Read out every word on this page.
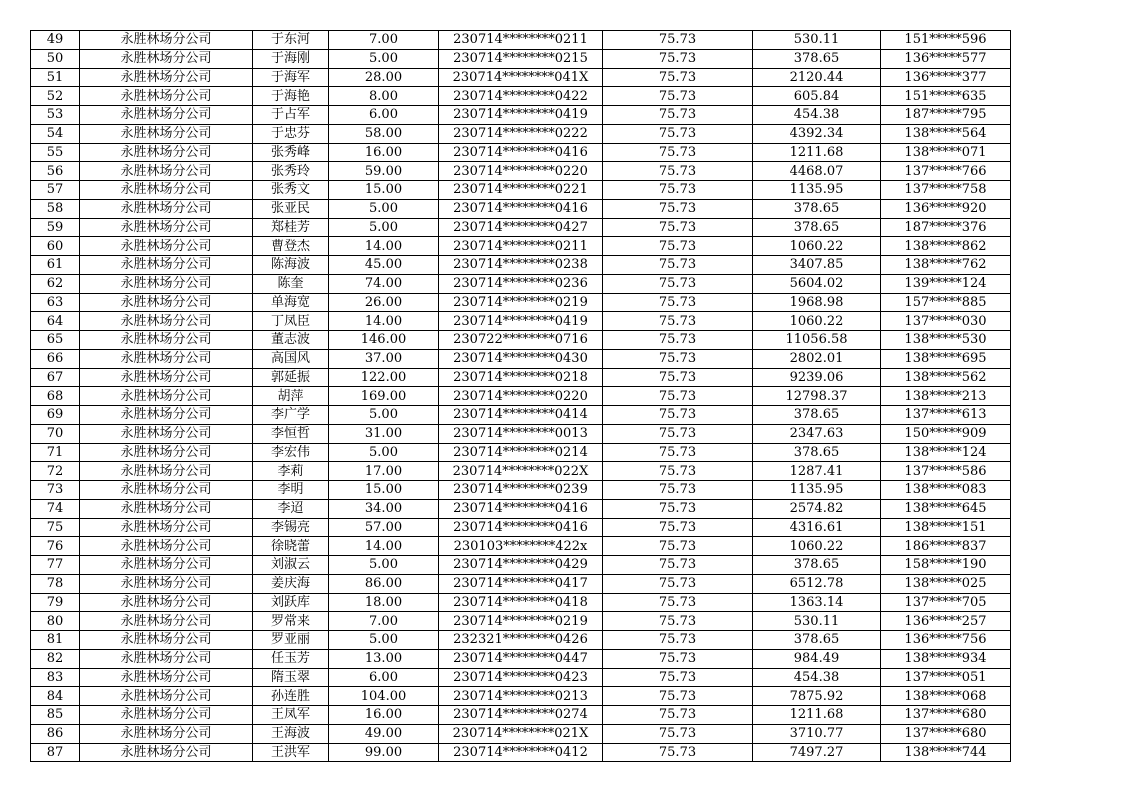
49	永胜林场分公司	于东河	7.00	230714********0211	75.73	530.11	151*****596
50	永胜林场分公司	于海刚	5.00	230714********0215	75.73	378.65	136*****577
51	永胜林场分公司	于海军	28.00	230714********041X	75.73	2120.44	136*****377
52	永胜林场分公司	于海艳	8.00	230714********0422	75.73	605.84	151*****635
53	永胜林场分公司	于占军	6.00	230714********0419	75.73	454.38	187*****795
54	永胜林场分公司	于忠芬	58.00	230714********0222	75.73	4392.34	138*****564
55	永胜林场分公司	张秀峰	16.00	230714********0416	75.73	1211.68	138*****071
56	永胜林场分公司	张秀玲	59.00	230714********0220	75.73	4468.07	137*****766
57	永胜林场分公司	张秀文	15.00	230714********0221	75.73	1135.95	137*****758
58	永胜林场分公司	张亚民	5.00	230714********0416	75.73	378.65	136*****920
59	永胜林场分公司	郑桂芳	5.00	230714********0427	75.73	378.65	187*****376
60	永胜林场分公司	曹登杰	14.00	230714********0211	75.73	1060.22	138*****862
61	永胜林场分公司	陈海波	45.00	230714********0238	75.73	3407.85	138*****762
62	永胜林场分公司	陈奎	74.00	230714********0236	75.73	5604.02	139*****124
63	永胜林场分公司	单海宽	26.00	230714********0219	75.73	1968.98	157*****885
64	永胜林场分公司	丁凤臣	14.00	230714********0419	75.73	1060.22	137*****030
65	永胜林场分公司	董志波	146.00	230722********0716	75.73	11056.58	138*****530
66	永胜林场分公司	高国风	37.00	230714********0430	75.73	2802.01	138*****695
67	永胜林场分公司	郭延振	122.00	230714********0218	75.73	9239.06	138*****562
68	永胜林场分公司	胡萍	169.00	230714********0220	75.73	12798.37	138*****213
69	永胜林场分公司	李广学	5.00	230714********0414	75.73	378.65	137*****613
70	永胜林场分公司	李恒哲	31.00	230714********0013	75.73	2347.63	150*****909
71	永胜林场分公司	李宏伟	5.00	230714********0214	75.73	378.65	138*****124
72	永胜林场分公司	李莉	17.00	230714********022X	75.73	1287.41	137*****586
73	永胜林场分公司	李明	15.00	230714********0239	75.73	1135.95	138*****083
74	永胜林场分公司	李迢	34.00	230714********0416	75.73	2574.82	138*****645
75	永胜林场分公司	李锡亮	57.00	230714********0416	75.73	4316.61	138*****151
76	永胜林场分公司	徐晓蕾	14.00	230103********422x	75.73	1060.22	186*****837
77	永胜林场分公司	刘淑云	5.00	230714********0429	75.73	378.65	158*****190
78	永胜林场分公司	姜庆海	86.00	230714********0417	75.73	6512.78	138*****025
79	永胜林场分公司	刘跃库	18.00	230714********0418	75.73	1363.14	137*****705
80	永胜林场分公司	罗常来	7.00	230714********0219	75.73	530.11	136*****257
81	永胜林场分公司	罗亚丽	5.00	232321********0426	75.73	378.65	136*****756
82	永胜林场分公司	任玉芳	13.00	230714********0447	75.73	984.49	138*****934
83	永胜林场分公司	隋玉翠	6.00	230714********0423	75.73	454.38	137*****051
84	永胜林场分公司	孙连胜	104.00	230714********0213	75.73	7875.92	138*****068
85	永胜林场分公司	王凤军	16.00	230714********0274	75.73	1211.68	137*****680
86	永胜林场分公司	王海波	49.00	230714********021X	75.73	3710.77	137*****680
87	永胜林场分公司	王洪军	99.00	230714********0412	75.73	7497.27	138*****744
